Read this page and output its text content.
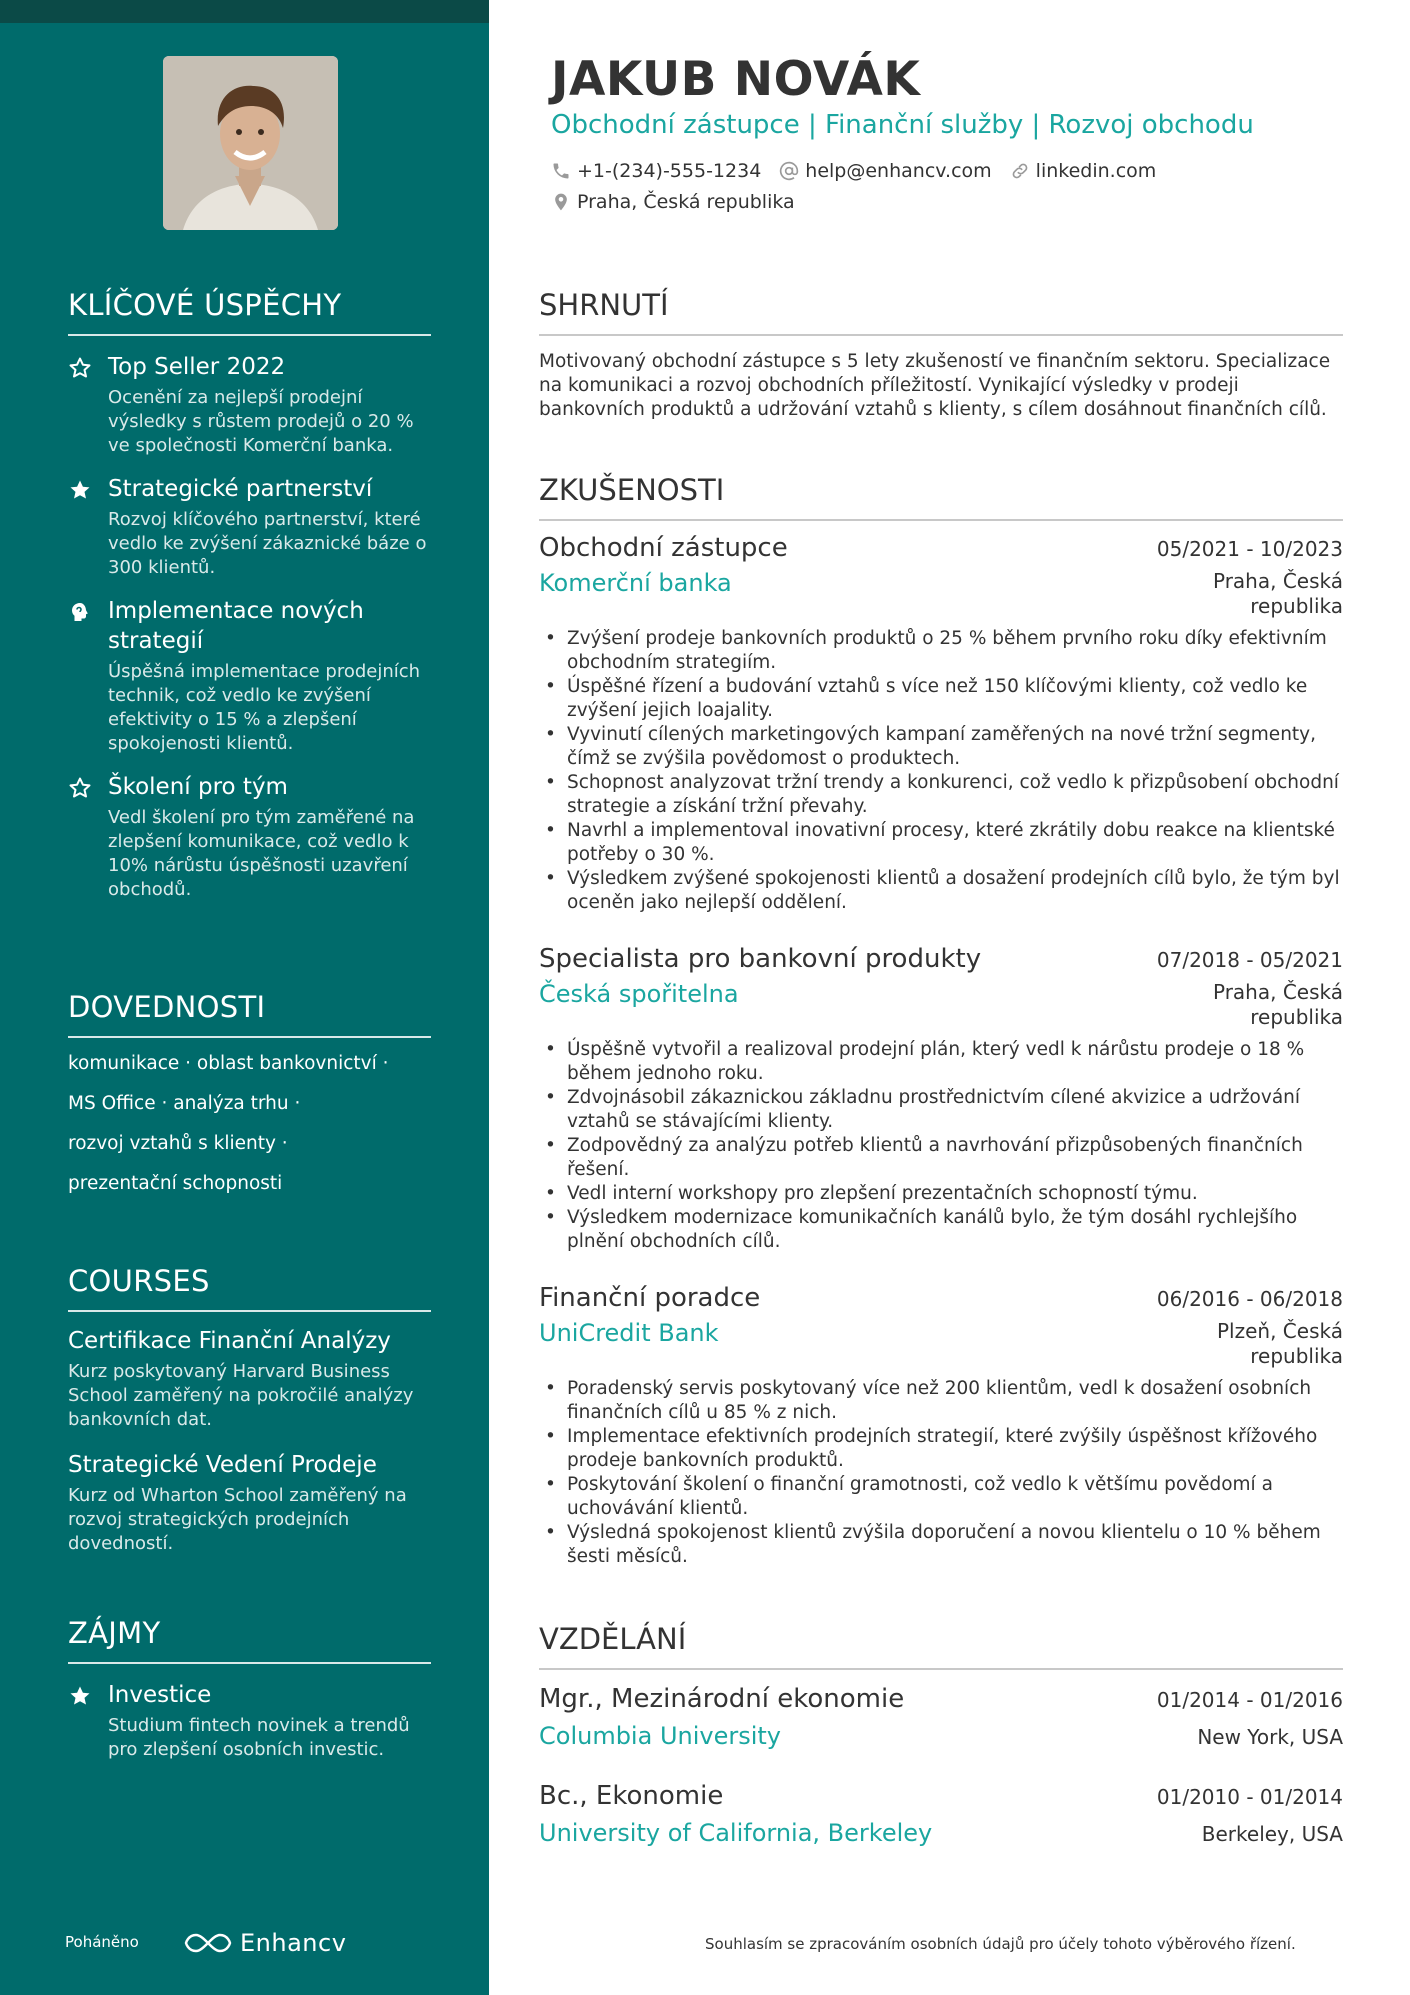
KLÍČOVÉ ÚSPĚCHY
Top Seller 2022
Ocenění za nejlepší prodejní výsledky s růstem prodejů o 20 % ve společnosti Komerční banka.
Strategické partnerství
Rozvoj klíčového partnerství, které vedlo ke zvýšení zákaznické báze o 300 klientů.
Implementace nových strategií
Úspěšná implementace prodejních technik, což vedlo ke zvýšení efektivity o 15 % a zlepšení spokojenosti klientů.
Školení pro tým
Vedl školení pro tým zaměřené na zlepšení komunikace, což vedlo k 10% nárůstu úspěšnosti uzavření obchodů.
DOVEDNOSTI
komunikace · oblast bankovnictví ·
MS Office · analýza trhu ·
rozvoj vztahů s klienty ·
prezentační schopnosti
COURSES
Certifikace Finanční Analýzy
Kurz poskytovaný Harvard Business School zaměřený na pokročilé analýzy bankovních dat.
Strategické Vedení Prodeje
Kurz od Wharton School zaměřený na rozvoj strategických prodejních dovedností.
ZÁJMY
Investice
Studium fintech novinek a trendů pro zlepšení osobních investic.
Poháněno	Enhancv
JAKUB NOVÁK
Obchodní zástupce | Finanční služby | Rozvoj obchodu
+1-(234)-555-1234 help@enhancv.com linkedin.com
Praha, Česká republika
SHRNUTÍ
Motivovaný obchodní zástupce s 5 lety zkušeností ve finančním sektoru. Specializace na komunikaci a rozvoj obchodních příležitostí. Vynikající výsledky v prodeji bankovních produktů a udržování vztahů s klienty, s cílem dosáhnout finančních cílů.
ZKUŠENOSTI
Obchodní zástupce	05/2021 - 10/2023
Komerční banka	Praha, Česká republika
• Zvýšení prodeje bankovních produktů o 25 % během prvního roku díky efektivním obchodním strategiím.
• Úspěšné řízení a budování vztahů s více než 150 klíčovými klienty, což vedlo ke zvýšení jejich loajality.
• Vyvinutí cílených marketingových kampaní zaměřených na nové tržní segmenty, čímž se zvýšila povědomost o produktech.
• Schopnost analyzovat tržní trendy a konkurenci, což vedlo k přizpůsobení obchodní strategie a získání tržní převahy.
• Navrhl a implementoval inovativní procesy, které zkrátily dobu reakce na klientské potřeby o 30 %.
• Výsledkem zvýšené spokojenosti klientů a dosažení prodejních cílů bylo, že tým byl oceněn jako nejlepší oddělení.
Specialista pro bankovní produkty	07/2018 - 05/2021
Česká spořitelna	Praha, Česká republika
• Úspěšně vytvořil a realizoval prodejní plán, který vedl k nárůstu prodeje o 18 % během jednoho roku.
• Zdvojnásobil zákaznickou základnu prostřednictvím cílené akvizice a udržování vztahů se stávajícími klienty.
• Zodpovědný za analýzu potřeb klientů a navrhování přizpůsobených finančních řešení.
• Vedl interní workshopy pro zlepšení prezentačních schopností týmu.
• Výsledkem modernizace komunikačních kanálů bylo, že tým dosáhl rychlejšího plnění obchodních cílů.
Finanční poradce	06/2016 - 06/2018
UniCredit Bank	Plzeň, Česká republika
• Poradenský servis poskytovaný více než 200 klientům, vedl k dosažení osobních finančních cílů u 85 % z nich.
• Implementace efektivních prodejních strategií, které zvýšily úspěšnost křížového prodeje bankovních produktů.
• Poskytování školení o finanční gramotnosti, což vedlo k většímu povědomí a uchovávání klientů.
• Výsledná spokojenost klientů zvýšila doporučení a novou klientelu o 10 % během šesti měsíců.
VZDĚLÁNÍ
Mgr., Mezinárodní ekonomie	01/2014 - 01/2016
Columbia University	New York, USA
Bc., Ekonomie	01/2010 - 01/2014
University of California, Berkeley	Berkeley, USA
Souhlasím se zpracováním osobních údajů pro účely tohoto výběrového řízení.
